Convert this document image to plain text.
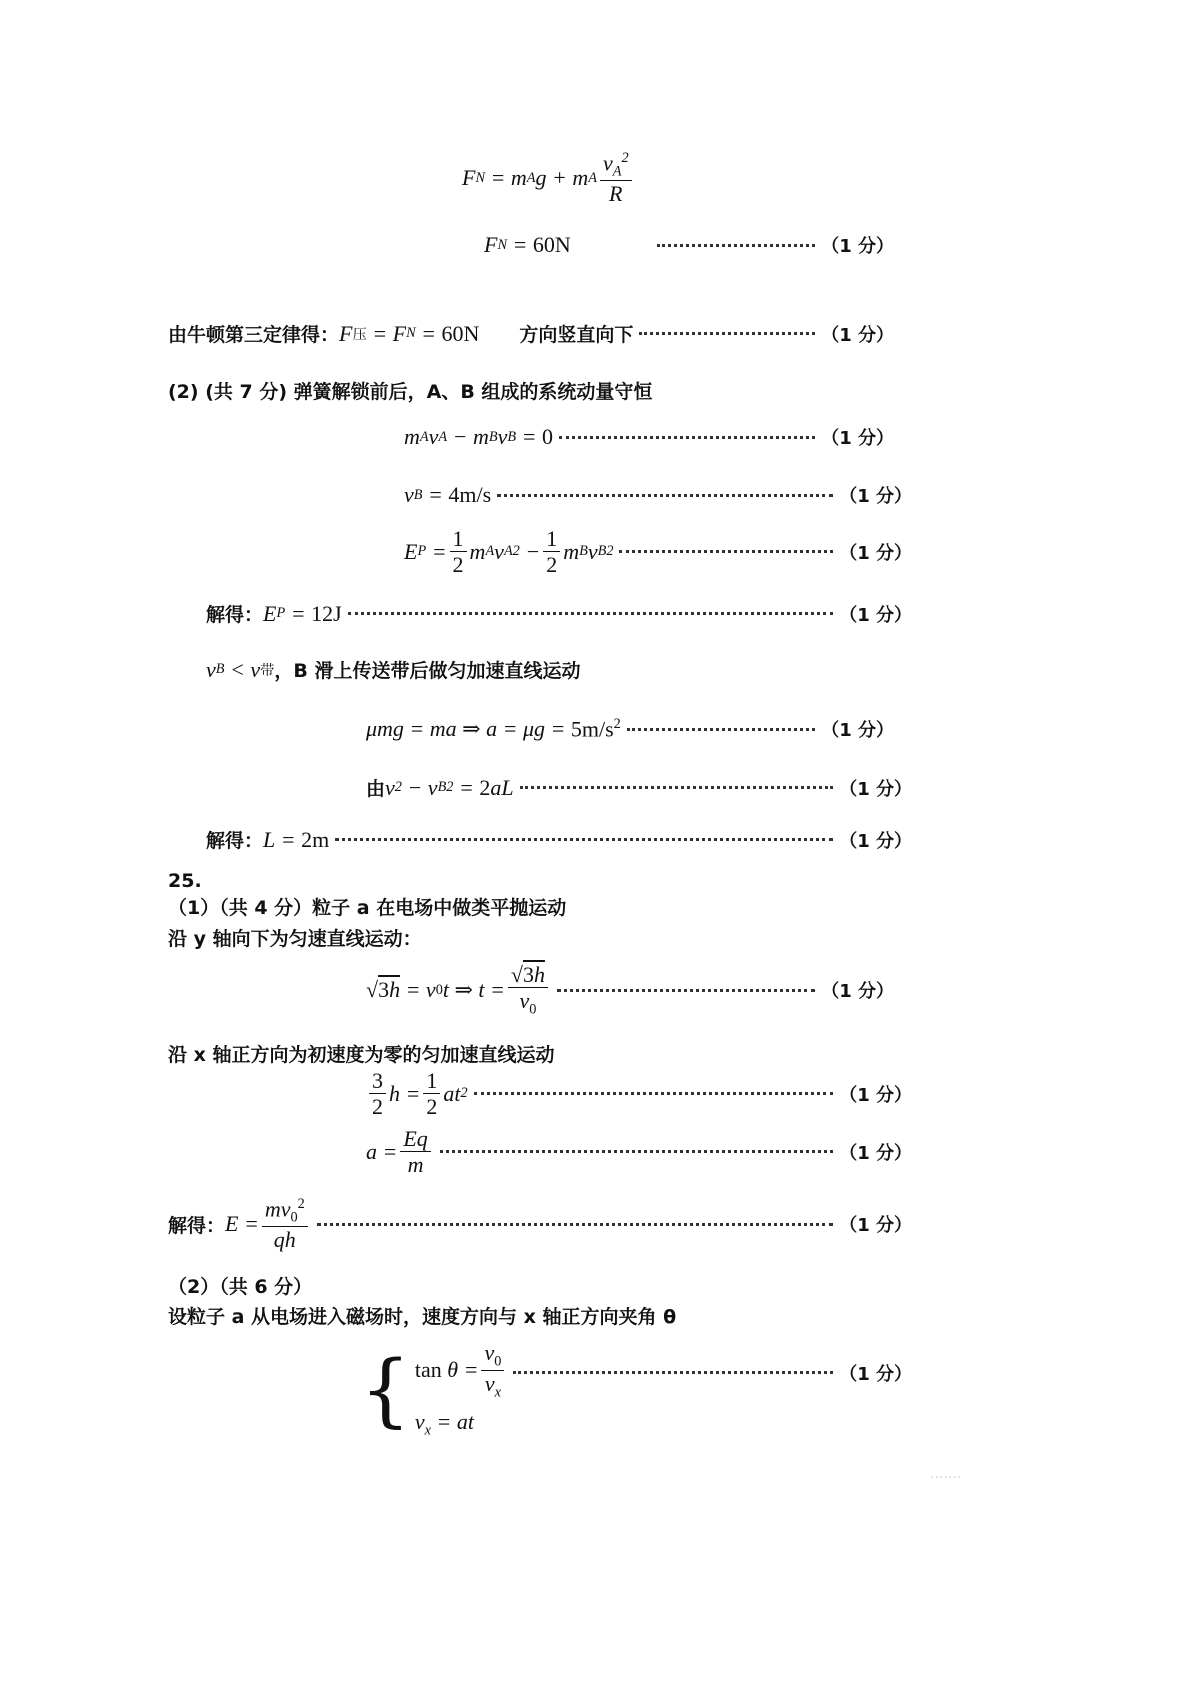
F N = m A g + m A $\frac{v_A^2}{R}$
F N = 60N	（1 分）
由牛顿第三定律得： F 压 = F N = 60N 方向竖直向下	（1 分）
(2) (共 7 分) 弹簧解锁前后，A、B 组成的系统动量守恒
m A v A − m B v B = 0	（1 分）
v B = 4m/s	（1 分）
E $P = \frac{1}{2}$ m A v A $2 - \frac{1}{2}$ m B v B 2	（1 分）
解得： E P = 12J	（1 分）
v B < v 带 ，B 滑上传送带后做匀加速直线运动
μmg = ma ⇒ $a = \mu g = 5m/s^2$	（1 分）
由 v 2 − v B 2 = 2 aL	（1 分）
解得： L = 2m	（1 分）
25.
（1）（共 4 分）粒子 a 在电场中做类平抛运动
沿 y 轴向下为匀速直线运动：
√ 3h = v 0 t ⇒ $t = \frac{√3h}{v_0}$	（1 分）
沿 x 轴正方向为初速度为零的匀加速直线运动
$\frac{3}{2}$ $h = \frac{1}{2}$ at 2	（1 分）
$a = \frac{Eq}{m}$	（1 分）
解得： $E = \frac{mv_0^2}{qh}$	（1 分）
（2）（共 6 分）
设粒子 a 从电场进入磁场时，速度方向与 x 轴正方向夹角 θ
{ $\tan \theta = \frac{v_0}{v_x}$
$v_x$ = at
（1 分）
·······
